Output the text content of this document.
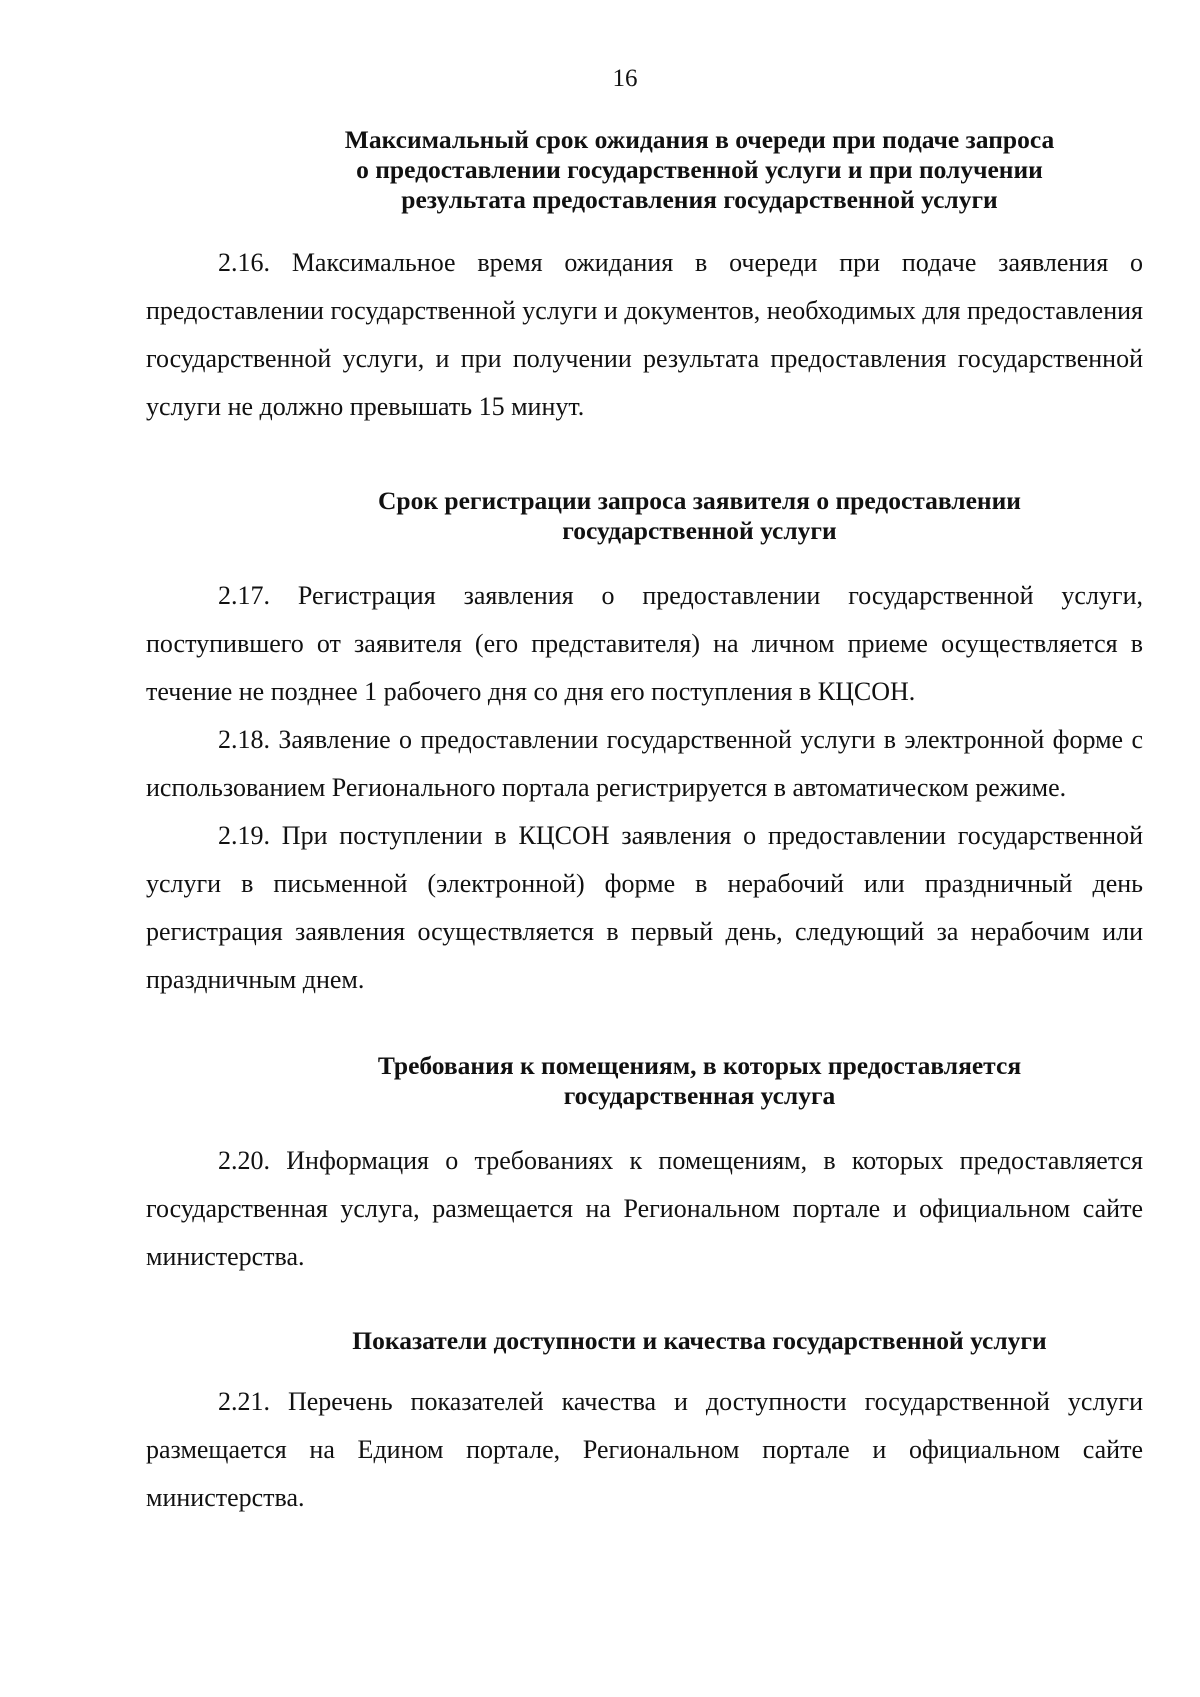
16
Максимальный срок ожидания в очереди при подаче запроса
о предоставлении государственной услуги и при получении
результата предоставления государственной услуги

2.16. Максимальное время ожидания в очереди при подаче заявления о предоставлении государственной услуги и документов, необходимых для предоставления государственной услуги, и при получении результата предоставления государственной услуги не должно превышать 15 минут.

Срок регистрации запроса заявителя о предоставлении
государственной услуги

2.17. Регистрация заявления о предоставлении государственной услуги, поступившего от заявителя (его представителя) на личном приеме осуществляется в течение не позднее 1 рабочего дня со дня его поступления в КЦСОН.

2.18. Заявление о предоставлении государственной услуги в электронной форме с использованием Регионального портала регистрируется в автоматическом режиме.

2.19. При поступлении в КЦСОН заявления о предоставлении государственной услуги в письменной (электронной) форме в нерабочий или праздничный день регистрация заявления осуществляется в первый день, следующий за нерабочим или праздничным днем.

Требования к помещениям, в которых предоставляется
государственная услуга

2.20. Информация о требованиях к помещениям, в которых предоставляется государственная услуга, размещается на Региональном портале и официальном сайте министерства.

Показатели доступности и качества государственной услуги

2.21. Перечень показателей качества и доступности государственной услуги размещается на Едином портале, Региональном портале и официальном сайте министерства.
